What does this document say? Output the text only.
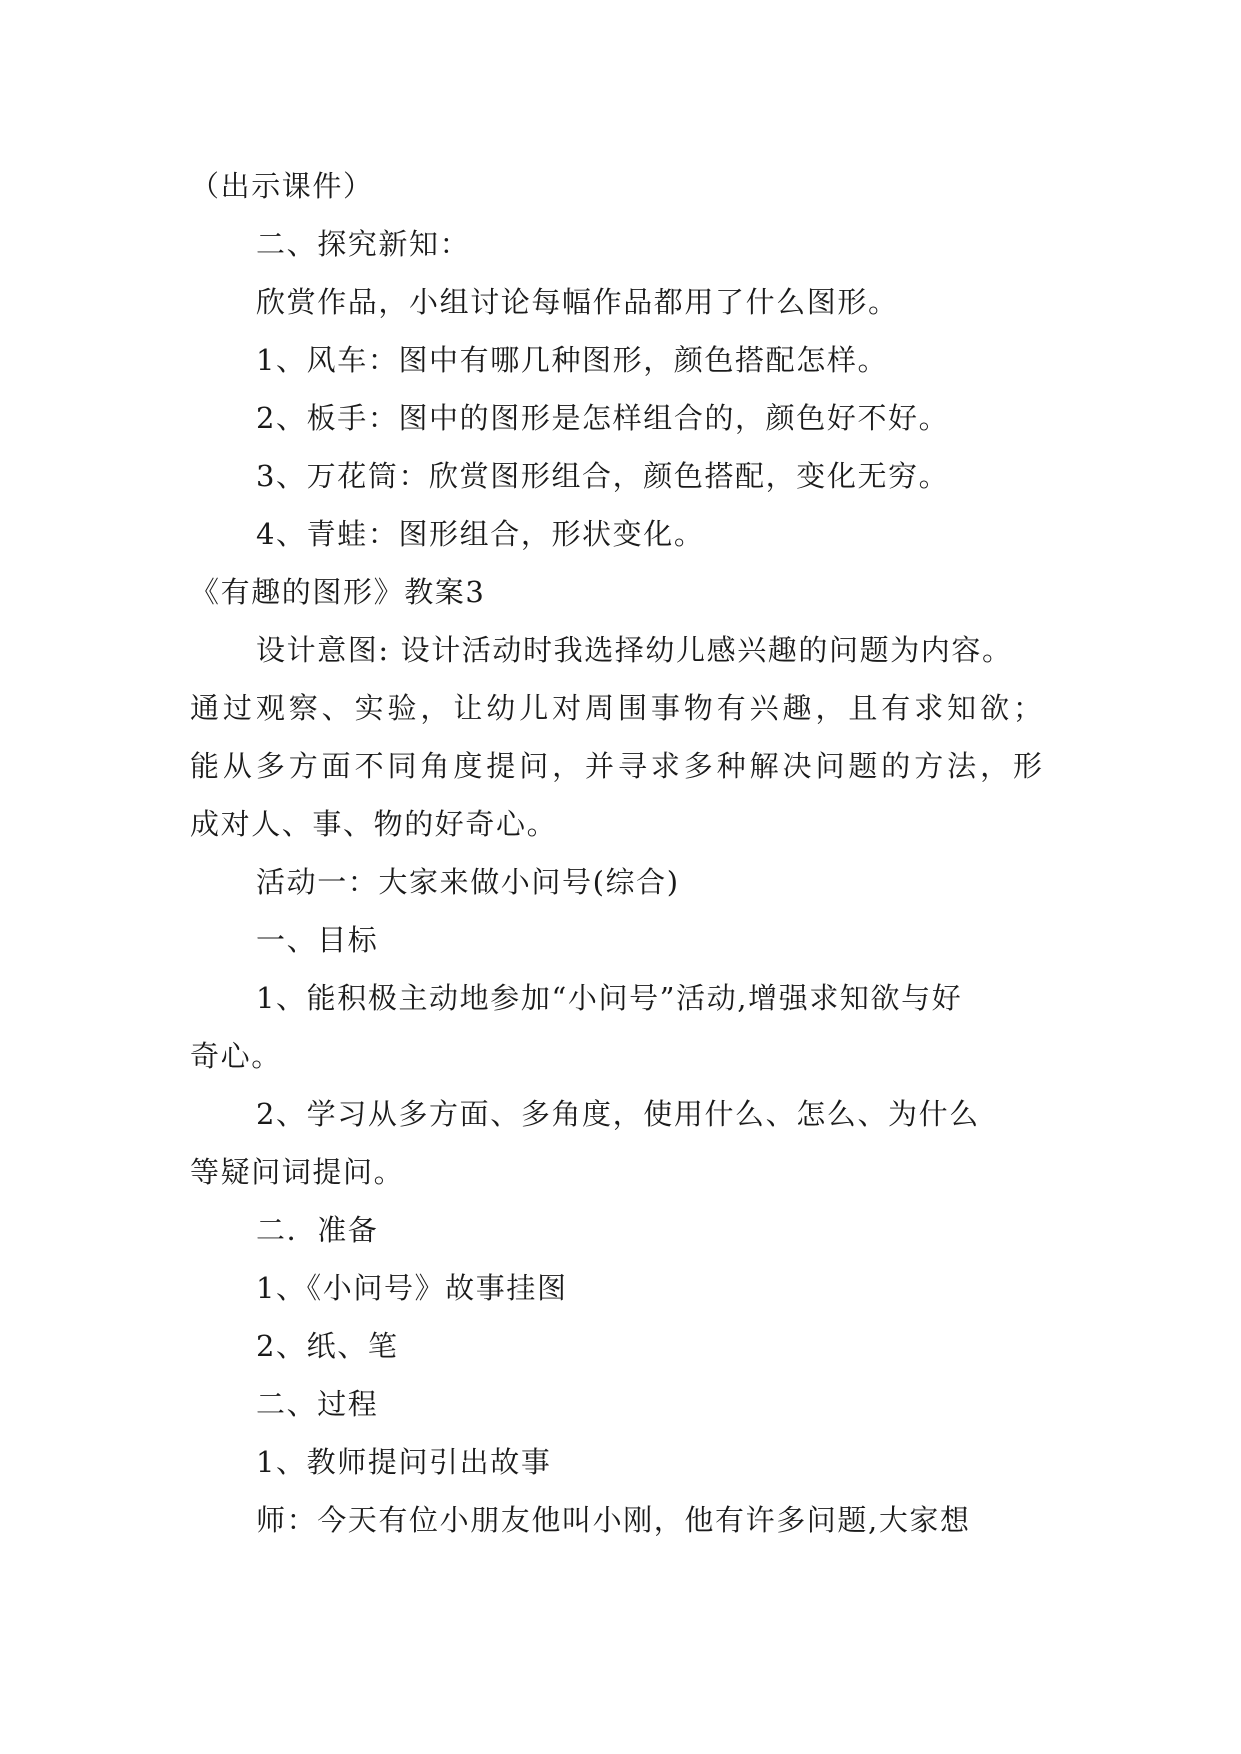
（出示课件）
二、探究新知：
欣赏作品，小组讨论每幅作品都用了什么图形。
1、风车：图中有哪几种图形，颜色搭配怎样。
2、板手：图中的图形是怎样组合的，颜色好不好。
3、万花筒：欣赏图形组合，颜色搭配，变化无穷。
4、青蛙：图形组合，形状变化。
《有趣的图形》教案3
设计意图: 设计活动时我选择幼儿感兴趣的问题为内容。
通过观察、实验，让幼儿对周围事物有兴趣，且有求知欲；
能从多方面不同角度提问，并寻求多种解决问题的方法，形
成对人、事、物的好奇心。
活动一：大家来做小问号(综合)
一、目标
1、能积极主动地参加“小问号”活动,增强求知欲与好
奇心。
2、学习从多方面、多角度，使用什么、怎么、为什么
等疑问词提问。
二．准备
1、《小问号》故事挂图
2、纸、笔
二、过程
1、教师提问引出故事
师：今天有位小朋友他叫小刚，他有许多问题,大家想
